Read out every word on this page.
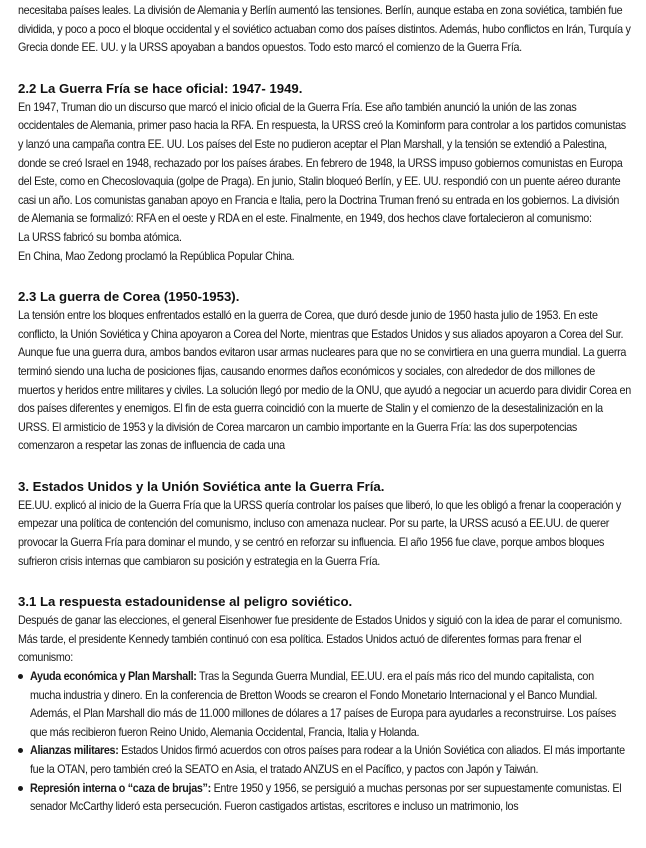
necesitaba países leales. La división de Alemania y Berlín aumentó las tensiones. Berlín, aunque estaba en zona soviética, también fue dividida, y poco a poco el bloque occidental y el soviético actuaban como dos países distintos. Además, hubo conflictos en Irán, Turquía y Grecia donde EE. UU. y la URSS apoyaban a bandos opuestos. Todo esto marcó el comienzo de la Guerra Fría.

2.2 La Guerra Fría se hace oficial: 1947- 1949.

En 1947, Truman dio un discurso que marcó el inicio oficial de la Guerra Fría. Ese año también anunció la unión de las zonas occidentales de Alemania, primer paso hacia la RFA. En respuesta, la URSS creó la Kominform para controlar a los partidos comunistas y lanzó una campaña contra EE. UU. Los países del Este no pudieron aceptar el Plan Marshall, y la tensión se extendió a Palestina, donde se creó Israel en 1948, rechazado por los países árabes. En febrero de 1948, la URSS impuso gobiernos comunistas en Europa del Este, como en Checoslovaquia (golpe de Praga). En junio, Stalin bloqueó Berlín, y EE. UU. respondió con un puente aéreo durante casi un año. Los comunistas ganaban apoyo en Francia e Italia, pero la Doctrina Truman frenó su entrada en los gobiernos. La división de Alemania se formalizó: RFA en el oeste y RDA en el este. Finalmente, en 1949, dos hechos clave fortalecieron al comunismo:

La URSS fabricó su bomba atómica.

En China, Mao Zedong proclamó la República Popular China.

2.3 La guerra de Corea (1950-1953).

La tensión entre los bloques enfrentados estalló en la guerra de Corea, que duró desde junio de 1950 hasta julio de 1953. En este conflicto, la Unión Soviética y China apoyaron a Corea del Norte, mientras que Estados Unidos y sus aliados apoyaron a Corea del Sur. Aunque fue una guerra dura, ambos bandos evitaron usar armas nucleares para que no se convirtiera en una guerra mundial. La guerra terminó siendo una lucha de posiciones fijas, causando enormes daños económicos y sociales, con alrededor de dos millones de muertos y heridos entre militares y civiles. La solución llegó por medio de la ONU, que ayudó a negociar un acuerdo para dividir Corea en dos países diferentes y enemigos. El fin de esta guerra coincidió con la muerte de Stalin y el comienzo de la desestalinización en la URSS. El armisticio de 1953 y la división de Corea marcaron un cambio importante en la Guerra Fría: las dos superpotencias comenzaron a respetar las zonas de influencia de cada una

3. Estados Unidos y la Unión Soviética ante la Guerra Fría.

EE.UU. explicó al inicio de la Guerra Fría que la URSS quería controlar los países que liberó, lo que les obligó a frenar la cooperación y empezar una política de contención del comunismo, incluso con amenaza nuclear. Por su parte, la URSS acusó a EE.UU. de querer provocar la Guerra Fría para dominar el mundo, y se centró en reforzar su influencia. El año 1956 fue clave, porque ambos bloques sufrieron crisis internas que cambiaron su posición y estrategia en la Guerra Fría.

3.1 La respuesta estadounidense al peligro soviético.

Después de ganar las elecciones, el general Eisenhower fue presidente de Estados Unidos y siguió con la idea de parar el comunismo. Más tarde, el presidente Kennedy también continuó con esa política. Estados Unidos actuó de diferentes formas para frenar el comunismo:

Ayuda económica y Plan Marshall: Tras la Segunda Guerra Mundial, EE.UU. era el país más rico del mundo capitalista, con mucha industria y dinero. En la conferencia de Bretton Woods se crearon el Fondo Monetario Internacional y el Banco Mundial. Además, el Plan Marshall dio más de 11.000 millones de dólares a 17 países de Europa para ayudarles a reconstruirse. Los países que más recibieron fueron Reino Unido, Alemania Occidental, Francia, Italia y Holanda.

Alianzas militares: Estados Unidos firmó acuerdos con otros países para rodear a la Unión Soviética con aliados. El más importante fue la OTAN, pero también creó la SEATO en Asia, el tratado ANZUS en el Pacífico, y pactos con Japón y Taiwán.

Represión interna o “caza de brujas”: Entre 1950 y 1956, se persiguió a muchas personas por ser supuestamente comunistas. El senador McCarthy lideró esta persecución. Fueron castigados artistas, escritores e incluso un matrimonio, los
